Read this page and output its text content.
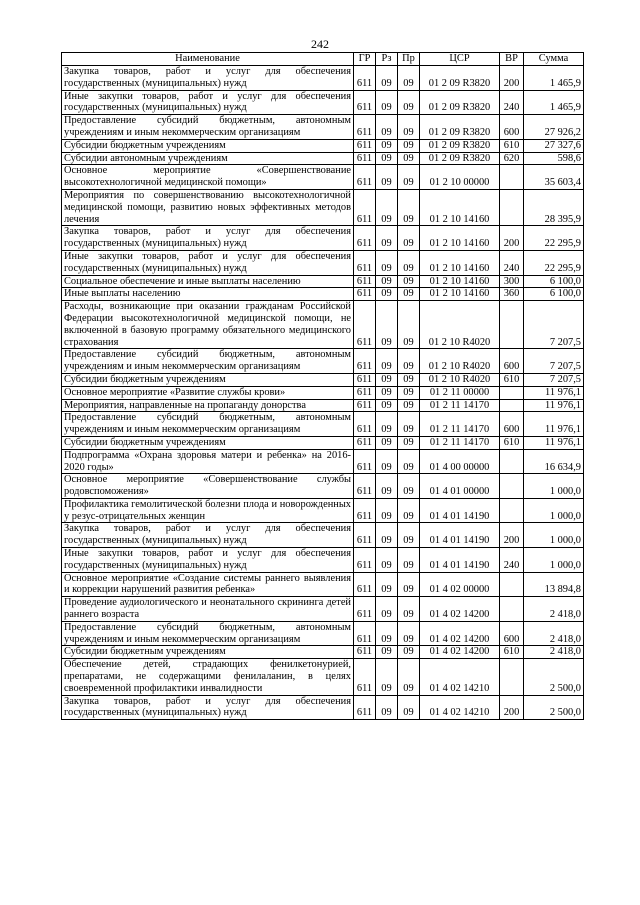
242
Наименование	ГР	Рз	Пр	ЦСР	ВР	Сумма
Закупка товаров, работ и услуг для обеспечения государственных (муниципальных) нужд	611	09	09	01 2 09 R3820	200	1 465,9
Иные закупки товаров, работ и услуг для обеспечения государственных (муниципальных) нужд	611	09	09	01 2 09 R3820	240	1 465,9
Предоставление субсидий бюджетным, автономным учреждениям и иным некоммерческим организациям	611	09	09	01 2 09 R3820	600	27 926,2
Субсидии бюджетным учреждениям	611	09	09	01 2 09 R3820	610	27 327,6
Субсидии автономным учреждениям	611	09	09	01 2 09 R3820	620	598,6
Основное мероприятие «Совершенствование высокотехнологичной медицинской помощи»	611	09	09	01 2 10 00000		35 603,4
Мероприятия по совершенствованию высокотехнологичной медицинской помощи, развитию новых эффективных методов лечения	611	09	09	01 2 10 14160		28 395,9
Закупка товаров, работ и услуг для обеспечения государственных (муниципальных) нужд	611	09	09	01 2 10 14160	200	22 295,9
Иные закупки товаров, работ и услуг для обеспечения государственных (муниципальных) нужд	611	09	09	01 2 10 14160	240	22 295,9
Социальное обеспечение и иные выплаты населению	611	09	09	01 2 10 14160	300	6 100,0
Иные выплаты населению	611	09	09	01 2 10 14160	360	6 100,0
Расходы, возникающие при оказании гражданам Российской Федерации высокотехнологичной медицинской помощи, не включенной в базовую программу обязательного медицинского страхования	611	09	09	01 2 10 R4020		7 207,5
Предоставление субсидий бюджетным, автономным учреждениям и иным некоммерческим организациям	611	09	09	01 2 10 R4020	600	7 207,5
Субсидии бюджетным учреждениям	611	09	09	01 2 10 R4020	610	7 207,5
Основное мероприятие «Развитие службы крови»	611	09	09	01 2 11 00000		11 976,1
Мероприятия, направленные на пропаганду донорства	611	09	09	01 2 11 14170		11 976,1
Предоставление субсидий бюджетным, автономным учреждениям и иным некоммерческим организациям	611	09	09	01 2 11 14170	600	11 976,1
Субсидии бюджетным учреждениям	611	09	09	01 2 11 14170	610	11 976,1
Подпрограмма «Охрана здоровья матери и ребенка» на 2016-2020 годы»	611	09	09	01 4 00 00000		16 634,9
Основное мероприятие «Совершенствование службы родовспоможения»	611	09	09	01 4 01 00000		1 000,0
Профилактика гемолитической болезни плода и новорожденных у резус-отрицательных женщин	611	09	09	01 4 01 14190		1 000,0
Закупка товаров, работ и услуг для обеспечения государственных (муниципальных) нужд	611	09	09	01 4 01 14190	200	1 000,0
Иные закупки товаров, работ и услуг для обеспечения государственных (муниципальных) нужд	611	09	09	01 4 01 14190	240	1 000,0
Основное мероприятие «Создание системы раннего выявления и коррекции нарушений развития ребенка»	611	09	09	01 4 02 00000		13 894,8
Проведение аудиологического и неонатального скрининга детей раннего возраста	611	09	09	01 4 02 14200		2 418,0
Предоставление субсидий бюджетным, автономным учреждениям и иным некоммерческим организациям	611	09	09	01 4 02 14200	600	2 418,0
Субсидии бюджетным учреждениям	611	09	09	01 4 02 14200	610	2 418,0
Обеспечение детей, страдающих фенилкетонурией, препаратами, не содержащими фенилаланин, в целях своевременной профилактики инвалидности	611	09	09	01 4 02 14210		2 500,0
Закупка товаров, работ и услуг для обеспечения государственных (муниципальных) нужд	611	09	09	01 4 02 14210	200	2 500,0
